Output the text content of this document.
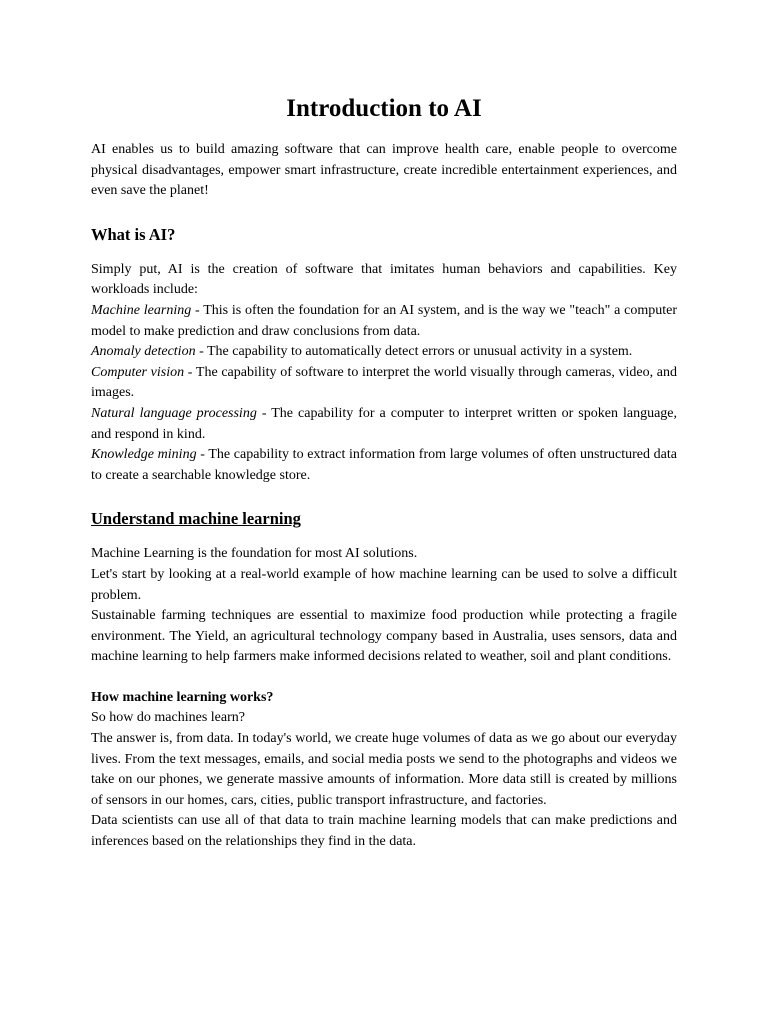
Introduction to AI

AI enables us to build amazing software that can improve health care, enable people to overcome physical disadvantages, empower smart infrastructure, create incredible entertainment experiences, and even save the planet!

What is AI?

Simply put, AI is the creation of software that imitates human behaviors and capabilities. Key workloads include:

Machine learning - This is often the foundation for an AI system, and is the way we "teach" a computer model to make prediction and draw conclusions from data.

Anomaly detection - The capability to automatically detect errors or unusual activity in a system.

Computer vision - The capability of software to interpret the world visually through cameras, video, and images.

Natural language processing - The capability for a computer to interpret written or spoken language, and respond in kind.

Knowledge mining - The capability to extract information from large volumes of often unstructured data to create a searchable knowledge store.

Understand machine learning

Machine Learning is the foundation for most AI solutions.

Let's start by looking at a real-world example of how machine learning can be used to solve a difficult problem.

Sustainable farming techniques are essential to maximize food production while protecting a fragile environment. The Yield, an agricultural technology company based in Australia, uses sensors, data and machine learning to help farmers make informed decisions related to weather, soil and plant conditions.

How machine learning works?

So how do machines learn?

The answer is, from data. In today's world, we create huge volumes of data as we go about our everyday lives. From the text messages, emails, and social media posts we send to the photographs and videos we take on our phones, we generate massive amounts of information. More data still is created by millions of sensors in our homes, cars, cities, public transport infrastructure, and factories.

Data scientists can use all of that data to train machine learning models that can make predictions and inferences based on the relationships they find in the data.
